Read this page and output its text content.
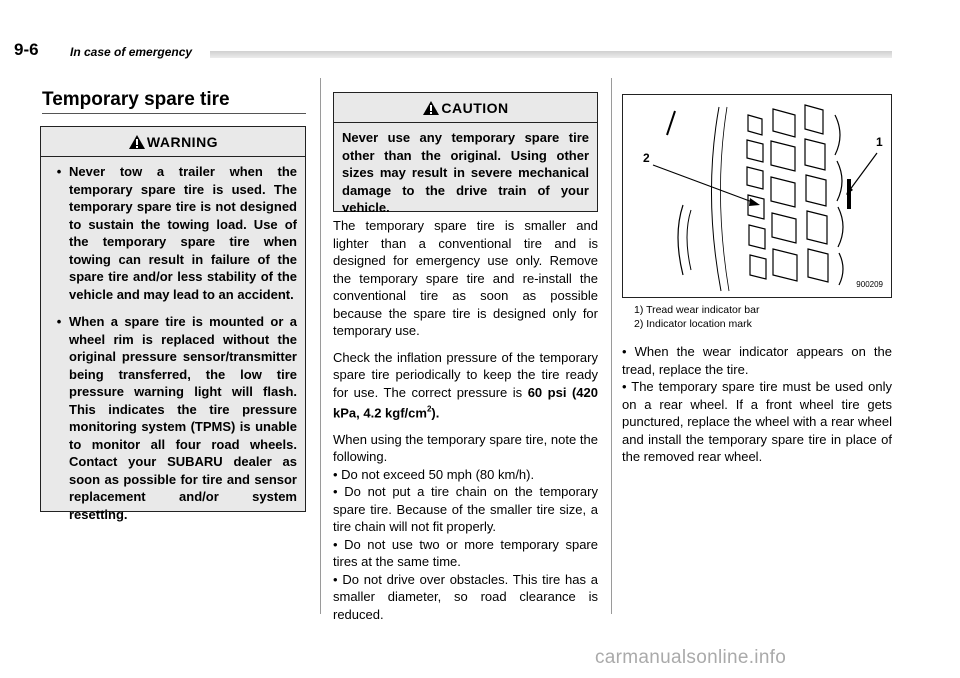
9-6	In case of emergency
Temporary spare tire
WARNING
• Never tow a trailer when the temporary spare tire is used. The temporary spare tire is not designed to sustain the towing load. Use of the temporary spare tire when towing can result in failure of the spare tire and/or less stability of the vehicle and may lead to an accident.
• When a spare tire is mounted or a wheel rim is replaced without the original pressure sensor/transmitter being transferred, the low tire pressure warning light will flash. This indicates the tire pressure monitoring system (TPMS) is unable to monitor all four road wheels. Contact your SUBARU dealer as soon as possible for tire and sensor replacement and/or system resetting.
CAUTION
Never use any temporary spare tire other than the original. Using other sizes may result in severe mechanical damage to the drive train of your vehicle.

The temporary spare tire is smaller and lighter than a conventional tire and is designed for emergency use only. Remove the temporary spare tire and re-install the conventional tire as soon as possible because the spare tire is designed only for temporary use.

Check the inflation pressure of the temporary spare tire periodically to keep the tire ready for use. The correct pressure is 60 psi (420 kPa, 4.2 kgf/$cm^2$).

When using the temporary spare tire, note the following.

• Do not exceed 50 mph (80 km/h).

• Do not put a tire chain on the temporary spare tire. Because of the smaller tire size, a tire chain will not fit properly.

• Do not use two or more temporary spare tires at the same time.

• Do not drive over obstacles. This tire has a smaller diameter, so road clearance is reduced.

1
2
900209
1) Tread wear indicator bar
2) Indicator location mark

• When the wear indicator appears on the tread, replace the tire.

• The temporary spare tire must be used only on a rear wheel. If a front wheel tire gets punctured, replace the wheel with a rear wheel and install the temporary spare tire in place of the removed rear wheel.

carmanualsonline.info
